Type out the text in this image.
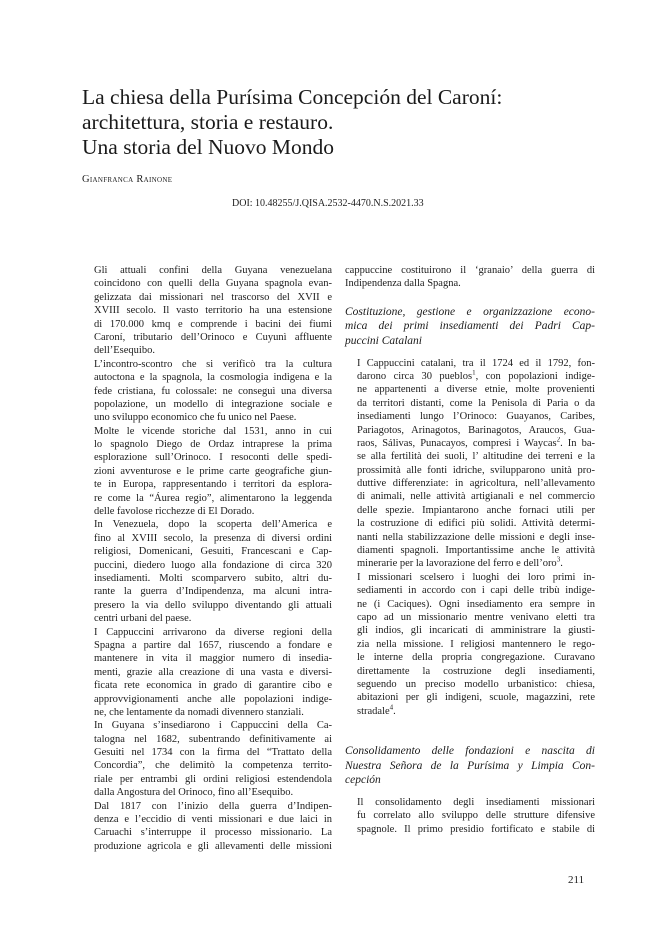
La chiesa della Purísima Concepción del Caroní:
architettura, storia e restauro.
Una storia del Nuovo Mondo

Gianfranca Rainone

DOI: 10.48255/J.QISA.2532-4470.N.S.2021.33

Gli attuali confini della Guyana venezuelana
coincidono con quelli della Guyana spagnola evan-
gelizzata dai missionari nel trascorso del XVII e
XVIII secolo. Il vasto territorio ha una estensione
di 170.000 kmq e comprende i bacini dei fiumi
Caroní, tributario dell’Orinoco e Cuyunì affluente
dell’Esequibo.

L’incontro-scontro che si verificò tra la cultura
autoctona e la spagnola, la cosmologia indigena e la
fede cristiana, fu colossale: ne conseguì una diversa
popolazione, un modello di integrazione sociale e
uno sviluppo economico che fu unico nel Paese.

Molte le vicende storiche dal 1531, anno in cui
lo spagnolo Diego de Ordaz intraprese la prima
esplorazione sull’Orinoco. I resoconti delle spedi-
zioni avventurose e le prime carte geografiche giun-
te in Europa, rappresentando i territori da esplora-
re come la “Áurea regio”, alimentarono la leggenda
delle favolose ricchezze di El Dorado.

In Venezuela, dopo la scoperta dell’America e
fino al XVIII secolo, la presenza di diversi ordini
religiosi, Domenicani, Gesuiti, Francescani e Cap-
puccini, diedero luogo alla fondazione di circa 320
insediamenti. Molti scomparvero subito, altri du-
rante la guerra d’Indipendenza, ma alcuni intra-
presero la via dello sviluppo diventando gli attuali
centri urbani del paese.

I Cappuccini arrivarono da diverse regioni della
Spagna a partire dal 1657, riuscendo a fondare e
mantenere in vita il maggior numero di insedia-
menti, grazie alla creazione di una vasta e diversi-
ficata rete economica in grado di garantire cibo e
approvvigionamenti anche alle popolazioni indige-
ne, che lentamente da nomadi divennero stanziali.

In Guyana s’insediarono i Cappuccini della Ca-
talogna nel 1682, subentrando definitivamente ai
Gesuiti nel 1734 con la firma del “Trattato della
Concordia”, che delimitò la competenza territo-
riale per entrambi gli ordini religiosi estendendola
dalla Angostura del Orinoco, fino all’Esequibo.

Dal 1817 con l’inizio della guerra d’Indipen-
denza e l’eccidio di venti missionari e due laici in
Caruachi s’interruppe il processo missionario. La
produzione agricola e gli allevamenti delle missioni

cappuccine costituirono il ‘granaio’ della guerra di
Indipendenza dalla Spagna.

Costituzione, gestione e organizzazione econo-
mica dei primi insediamenti dei Padri Cap-
puccini Catalani

I Cappuccini catalani, tra il 1724 ed il 1792, fon-
darono circa 30 pueblos$^1$, con popolazioni indige-
ne appartenenti a diverse etnie, molte provenienti
da territori distanti, come la Penisola di Paria o da
insediamenti lungo l’Orinoco: Guayanos, Caribes,
Pariagotos, Arinagotos, Barinagotos, Araucos, Gua-
raos, Sálivas, Punacayos, compresi i Waycas$^2$. In ba-
se alla fertilità dei suoli, l’ altitudine dei terreni e la
prossimità alle fonti idriche, svilupparono unità pro-
duttive differenziate: in agricoltura, nell’allevamento
di animali, nelle attività artigianali e nel commercio
delle spezie. Impiantarono anche fornaci utili per
la costruzione di edifici più solidi. Attività determi-
nanti nella stabilizzazione delle missioni e degli inse-
diamenti spagnoli. Importantissime anche le attività
minerarie per la lavorazione del ferro e dell’oro$^3$.

I missionari scelsero i luoghi dei loro primi in-
sediamenti in accordo con i capi delle tribù indige-
ne (i Caciques). Ogni insediamento era sempre in
capo ad un missionario mentre venivano eletti tra
gli indios, gli incaricati di amministrare la giusti-
zia nella missione. I religiosi mantennero le rego-
le interne della propria congregazione. Curavano
direttamente la costruzione degli insediamenti,
seguendo un preciso modello urbanistico: chiesa,
abitazioni per gli indigeni, scuole, magazzini, rete
stradale$^4$.

Consolidamento delle fondazioni e nascita di
Nuestra Señora de la Purísima y Limpia Con-
cepción

Il consolidamento degli insediamenti missionari
fu correlato allo sviluppo delle strutture difensive
spagnole. Il primo presidio fortificato e stabile di

211
